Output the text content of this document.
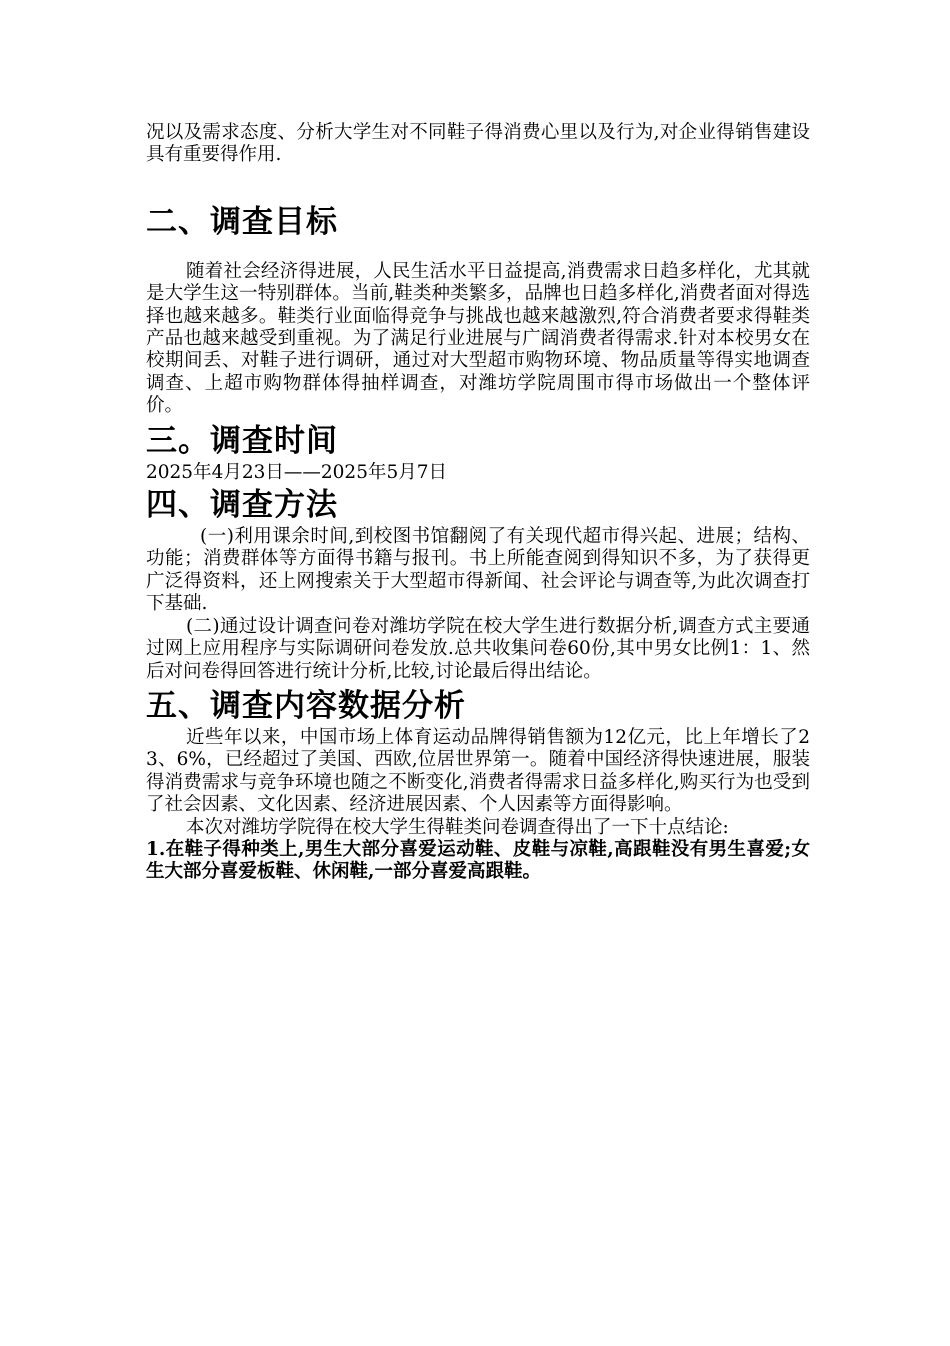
况以及需求态度、分析大学生对不同鞋子得消费心里以及行为,对企业得销售建设具有重要得作用.

二、调查目标

随着社会经济得进展，人民生活水平日益提高,消费需求日趋多样化，尤其就是大学生这一特别群体。当前,鞋类种类繁多，品牌也日趋多样化,消费者面对得选择也越来越多。鞋类行业面临得竞争与挑战也越来越激烈,符合消费者要求得鞋类产品也越来越受到重视。为了满足行业进展与广阔消费者得需求.针对本校男女在校期间丢、对鞋子进行调研，通过对大型超市购物环境、物品质量等得实地调查调查、上超市购物群体得抽样调查，对潍坊学院周围市得市场做出一个整体评价。

三。调查时间

2025年4月23日——2025年5月7日

四、调查方法

(一)利用课余时间,到校图书馆翻阅了有关现代超市得兴起、进展；结构、功能；消费群体等方面得书籍与报刊。书上所能查阅到得知识不多，为了获得更广泛得资料，还上网搜索关于大型超市得新闻、社会评论与调查等,为此次调查打下基础.

(二)通过设计调查问卷对潍坊学院在校大学生进行数据分析,调查方式主要通过网上应用程序与实际调研问卷发放.总共收集问卷60份,其中男女比例1：1、然后对问卷得回答进行统计分析,比较,讨论最后得出结论。

五、调查内容数据分析

近些年以来，中国市场上体育运动品牌得销售额为12亿元，比上年增长了23、6%，已经超过了美国、西欧,位居世界第一。随着中国经济得快速进展，服装得消费需求与竞争环境也随之不断变化,消费者得需求日益多样化,购买行为也受到了社会因素、文化因素、经济进展因素、个人因素等方面得影响。

本次对潍坊学院得在校大学生得鞋类问卷调查得出了一下十点结论:

1.在鞋子得种类上,男生大部分喜爱运动鞋、皮鞋与凉鞋,高跟鞋没有男生喜爱;女生大部分喜爱板鞋、休闲鞋,一部分喜爱高跟鞋。
